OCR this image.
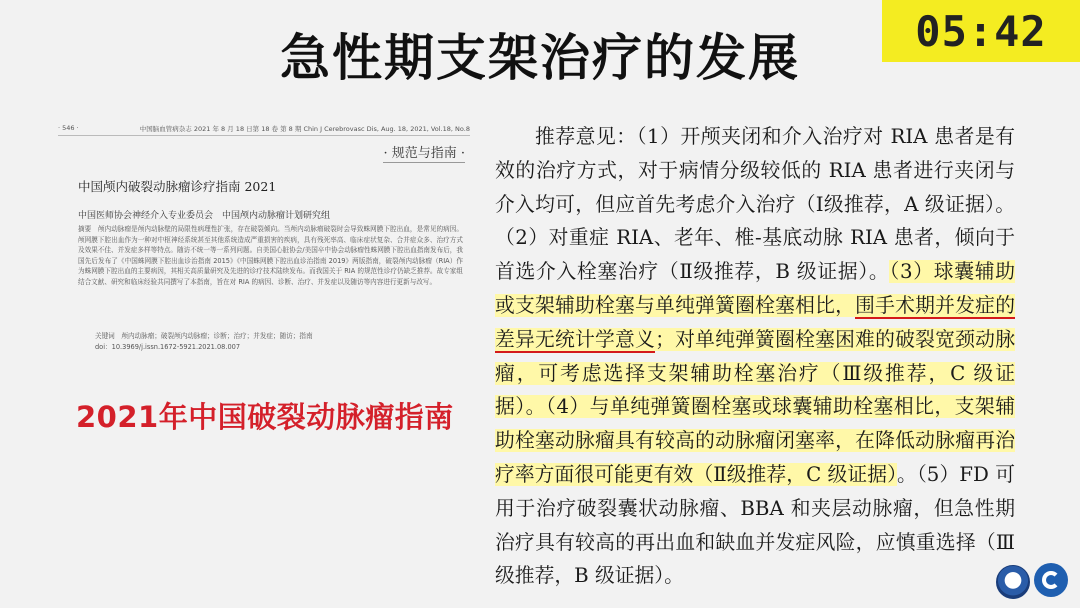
05:42
急性期支架治疗的发展
· 546 ·	中国脑血管病杂志 2021 年 8 月 18 日第 18 卷 第 8 期 Chin J Cerebrovasc Dis, Aug. 18, 2021, Vol.18, No.8
· 规范与指南 ·
中国颅内破裂动脉瘤诊疗指南 2021
中国医师协会神经介入专业委员会　中国颅内动脉瘤计划研究组
摘要　颅内动脉瘤是颅内动脉壁的局限性病理性扩张，存在破裂倾向。当颅内动脉瘤破裂时会导致蛛网膜下腔出血，是常见的病因。颅网膜下腔出血作为一种对中枢神经系统甚至其他系统造成严重损害的疾病，具有残死率高、临床症状复杂、合并症众多、治疗方式及效果不佳、并发症多样等特点。随访不统一等一系列问题。自美国心脏协会/美国卒中协会动脉瘤性蛛网膜下腔出血指南发布后，我国先后发布了《中国蛛网膜下腔出血诊治指南 2015》《中国蛛网膜下腔出血诊治指南 2019》两版指南，破裂颅内动脉瘤（RIA）作为蛛网膜下腔出血的主要病因，其相关高质量研究及先进的诊疗技术陆续发布。而我国关于 RIA 的规范性诊疗仍缺乏推荐。故专家组结合文献、研究和临床经验共同撰写了本指南，旨在对 RIA 的病因、诊断、治疗、并发症以及随访等内容进行更新与改写。
关键词　颅内动脉瘤；破裂颅内动脉瘤；诊断；治疗；并发症；随访；指南
doi：10.3969/j.issn.1672-5921.2021.08.007
2021年中国破裂动脉瘤指南
推荐意见：（1）开颅夹闭和介入治疗对 RIA 患者是有效的治疗方式，对于病情分级较低的 RIA 患者进行夹闭与介入均可，但应首先考虑介入治疗（Ⅰ级推荐，A 级证据）。（2）对重症 RIA、老年、椎-基底动脉 RIA 患者，倾向于首选介入栓塞治疗（Ⅱ级推荐，B 级证据）。（3）球囊辅助或支架辅助栓塞与单纯弹簧圈栓塞相比，围手术期并发症的差异无统计学意义；对单纯弹簧圈栓塞困难的破裂宽颈动脉瘤，可考虑选择支架辅助栓塞治疗（Ⅲ级推荐，C 级证据）。（4）与单纯弹簧圈栓塞或球囊辅助栓塞相比，支架辅助栓塞动脉瘤具有较高的动脉瘤闭塞率，在降低动脉瘤再治疗率方面很可能更有效（Ⅱ级推荐，C 级证据）。（5）FD 可用于治疗破裂囊状动脉瘤、BBA 和夹层动脉瘤，但急性期治疗具有较高的再出血和缺血并发症风险，应慎重选择（Ⅲ级推荐，B 级证据）。
